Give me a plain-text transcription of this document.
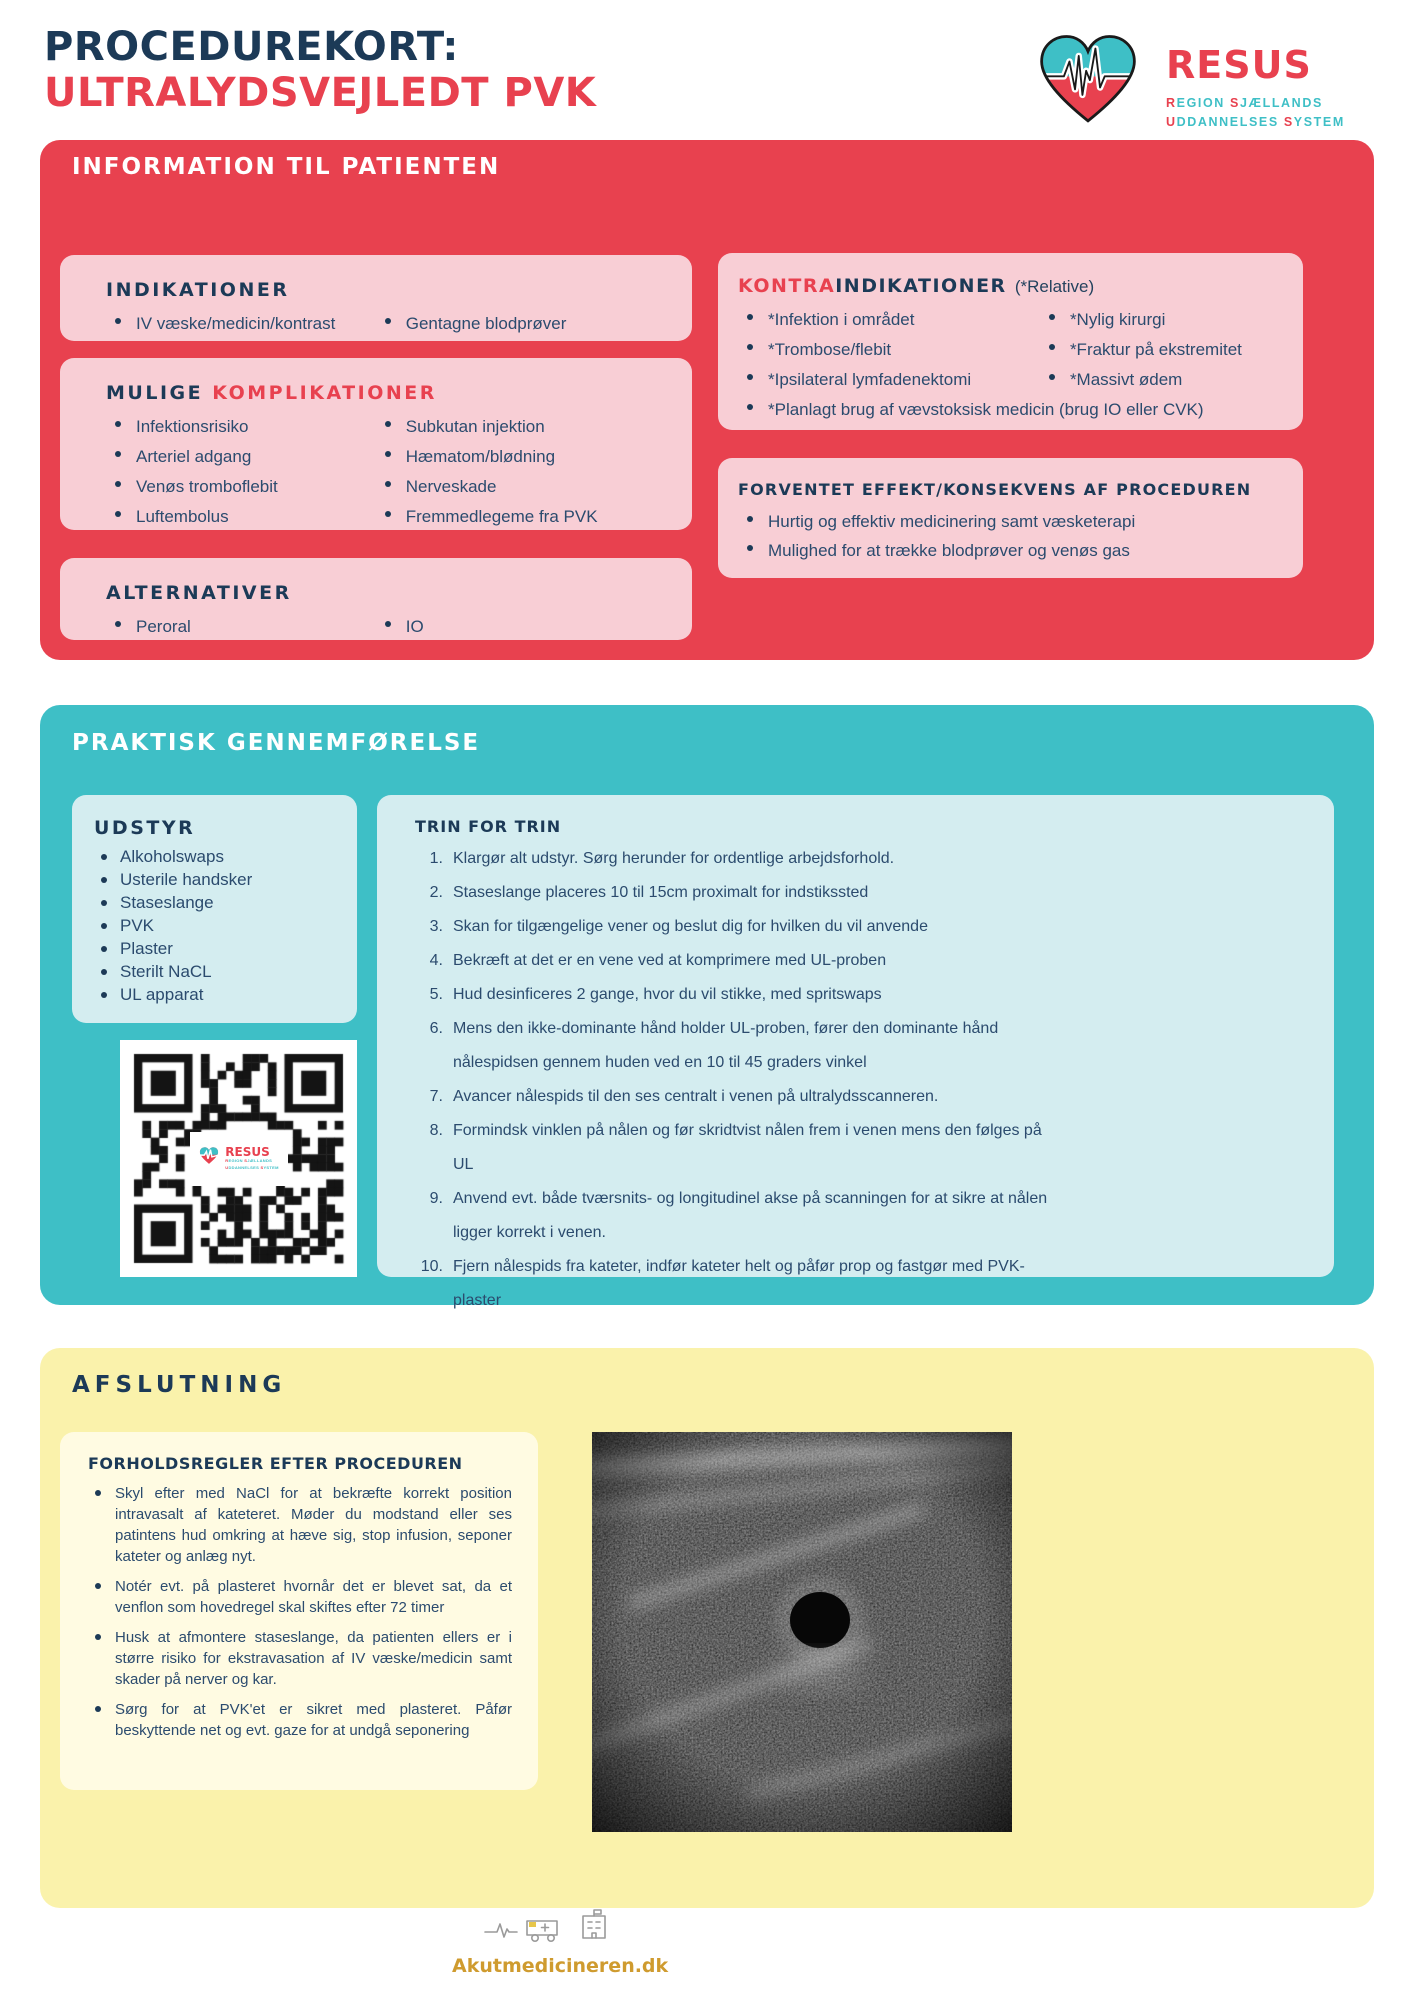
PROCEDUREKORT:
ULTRALYDSVEJLEDT PVK
RESUS
REGION SJÆLLANDS
UDDANNELSES SYSTEM
INFORMATION TIL PATIENTEN
INDIKATIONER
IV væske/medicin/kontrast	Gentagne blodprøver
MULIGE KOMPLIKATIONER
Infektionsrisiko
Arteriel adgang
Venøs tromboflebit
Luftembolus
Subkutan injektion
Hæmatom/blødning
Nerveskade
Fremmedlegeme fra PVK
ALTERNATIVER
Peroral	IO
KONTRAINDIKATIONER (*Relative)
*Infektion i området
*Trombose/flebit
*Ipsilateral lymfadenektomi
*Nylig kirurgi
*Fraktur på ekstremitet
*Massivt ødem
*Planlagt brug af vævstoksisk medicin (brug IO eller CVK)
FORVENTET EFFEKT/KONSEKVENS AF PROCEDUREN
Hurtig og effektiv medicinering samt væsketerapi
Mulighed for at trække blodprøver og venøs gas
PRAKTISK GENNEMFØRELSE
UDSTYR
Alkoholswaps
Usterile handsker
Staseslange
PVK
Plaster
Sterilt NaCL
UL apparat
TRIN FOR TRIN
Klargør alt udstyr. Sørg herunder for ordentlige arbejdsforhold.
Staseslange placeres 10 til 15cm proximalt for indstikssted
Skan for tilgængelige vener og beslut dig for hvilken du vil anvende
Bekræft at det er en vene ved at komprimere med UL-proben
Hud desinficeres 2 gange, hvor du vil stikke, med spritswaps
Mens den ikke-dominante hånd holder UL-proben, fører den dominante hånd nålespidsen gennem huden ved en 10 til 45 graders vinkel
Avancer nålespids til den ses centralt i venen på ultralydsscanneren.
Formindsk vinklen på nålen og før skridtvist nålen frem i venen mens den følges på UL
Anvend evt. både tværsnits- og longitudinel akse på scanningen for at sikre at nålen ligger korrekt i venen.
Fjern nålespids fra kateter, indfør kateter helt og påfør prop og fastgør med PVK-plaster
RESUS
REGION SJÆLLANDS
UDDANNELSES SYSTEM
AFSLUTNING
FORHOLDSREGLER EFTER PROCEDUREN
Skyl efter med NaCl for at bekræfte korrekt position intravasalt af kateteret. Møder du modstand eller ses patintens hud omkring at hæve sig, stop infusion, seponer kateter og anlæg nyt.
Notér evt. på plasteret hvornår det er blevet sat, da et venflon som hovedregel skal skiftes efter 72 timer
Husk at afmontere staseslange, da patienten ellers er i større risiko for ekstravasation af IV væske/medicin samt skader på nerver og kar.
Sørg for at PVK'et er sikret med plasteret. Påfør beskyttende net og evt. gaze for at undgå seponering
Akutmedicineren.dk
